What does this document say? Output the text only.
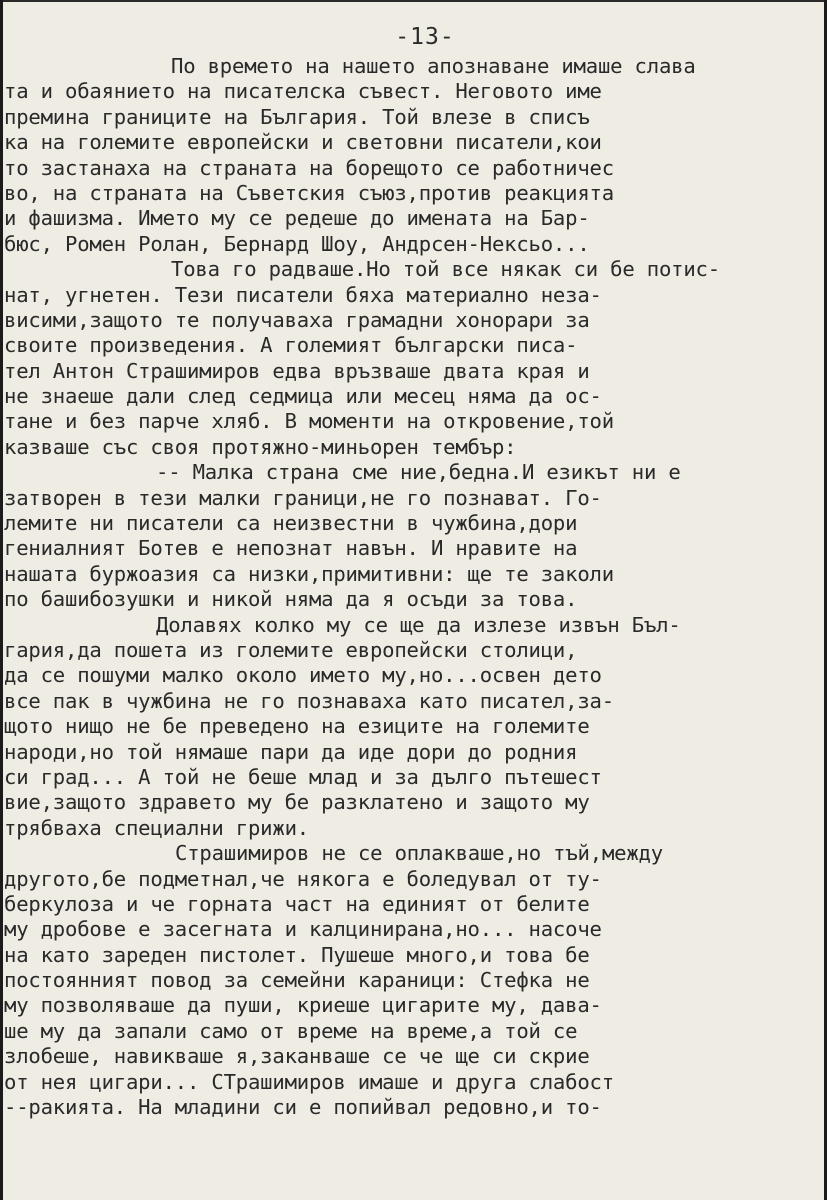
-13-
По времето на нашето апознаване имаше слава
та и обаянието на писателска съвест. Неговото име
премина границите на България. Той влезе в списъ
ка на големите европейски и световни писатели,кои
то застанаха на страната на борещото се работничес
во, на страната на Съветския съюз,против реакцията
и фашизма. Името му се редеше до имената на Бар-
бюс, Ромен Ролан, Бернард Шоу, Андрсен-Нексьо...
Това го радваше.Но той все някак си бе потис-
нат, угнетен. Тези писатели бяха материално неза-
висими,защото те получаваха грамадни хонорари за
своите произведения. А големият български писа-
тел Антон Страшимиров едва връзваше двата края и
не знаеше дали след седмица или месец няма да ос-
тане и без парче хляб. В моменти на откровение,той
казваше със своя протяжно-миньорен тембър:
-- Малка страна сме ние,бедна.И езикът ни е
затворен в тези малки граници,не го познават. Го-
лемите ни писатели са неизвестни в чужбина,дори
гениалният Ботев е непознат навън. И нравите на
нашата буржоазия са низки,примитивни: ще те заколи
по башибозушки и никой няма да я осъди за това.
Долавях колко му се ще да излезе извън Бъл-
гария,да пошета из големите европейски столици,
да се пошуми малко около името му,но...освен дето
все пак в чужбина не го познаваха като писател,за-
щото нищо не бе преведено на езиците на големите
народи,но той нямаше пари да иде дори до родния
си град... А той не беше млад и за дълго пътешест
вие,защото здравето му бе разклатено и защото му
трябваха специални грижи.
Страшимиров не се оплакваше,но тъй,между
другото,бе подметнал,че някога е боледувал от ту-
беркулоза и че горната част на единият от белите
му дробове е засегната и калцинирана,но... насоче
на като зареден пистолет. Пушеше много,и това бе
постоянният повод за семейни караници: Стефка не
му позволяваше да пуши, криеше цигарите му, дава-
ше му да запали само от време на време,а той се
злобеше, навикваше я,заканваше се че ще си скрие
от нея цигари... СТрашимиров имаше и друга слабост
--ракията. На младини си е попийвал редовно,и то-
